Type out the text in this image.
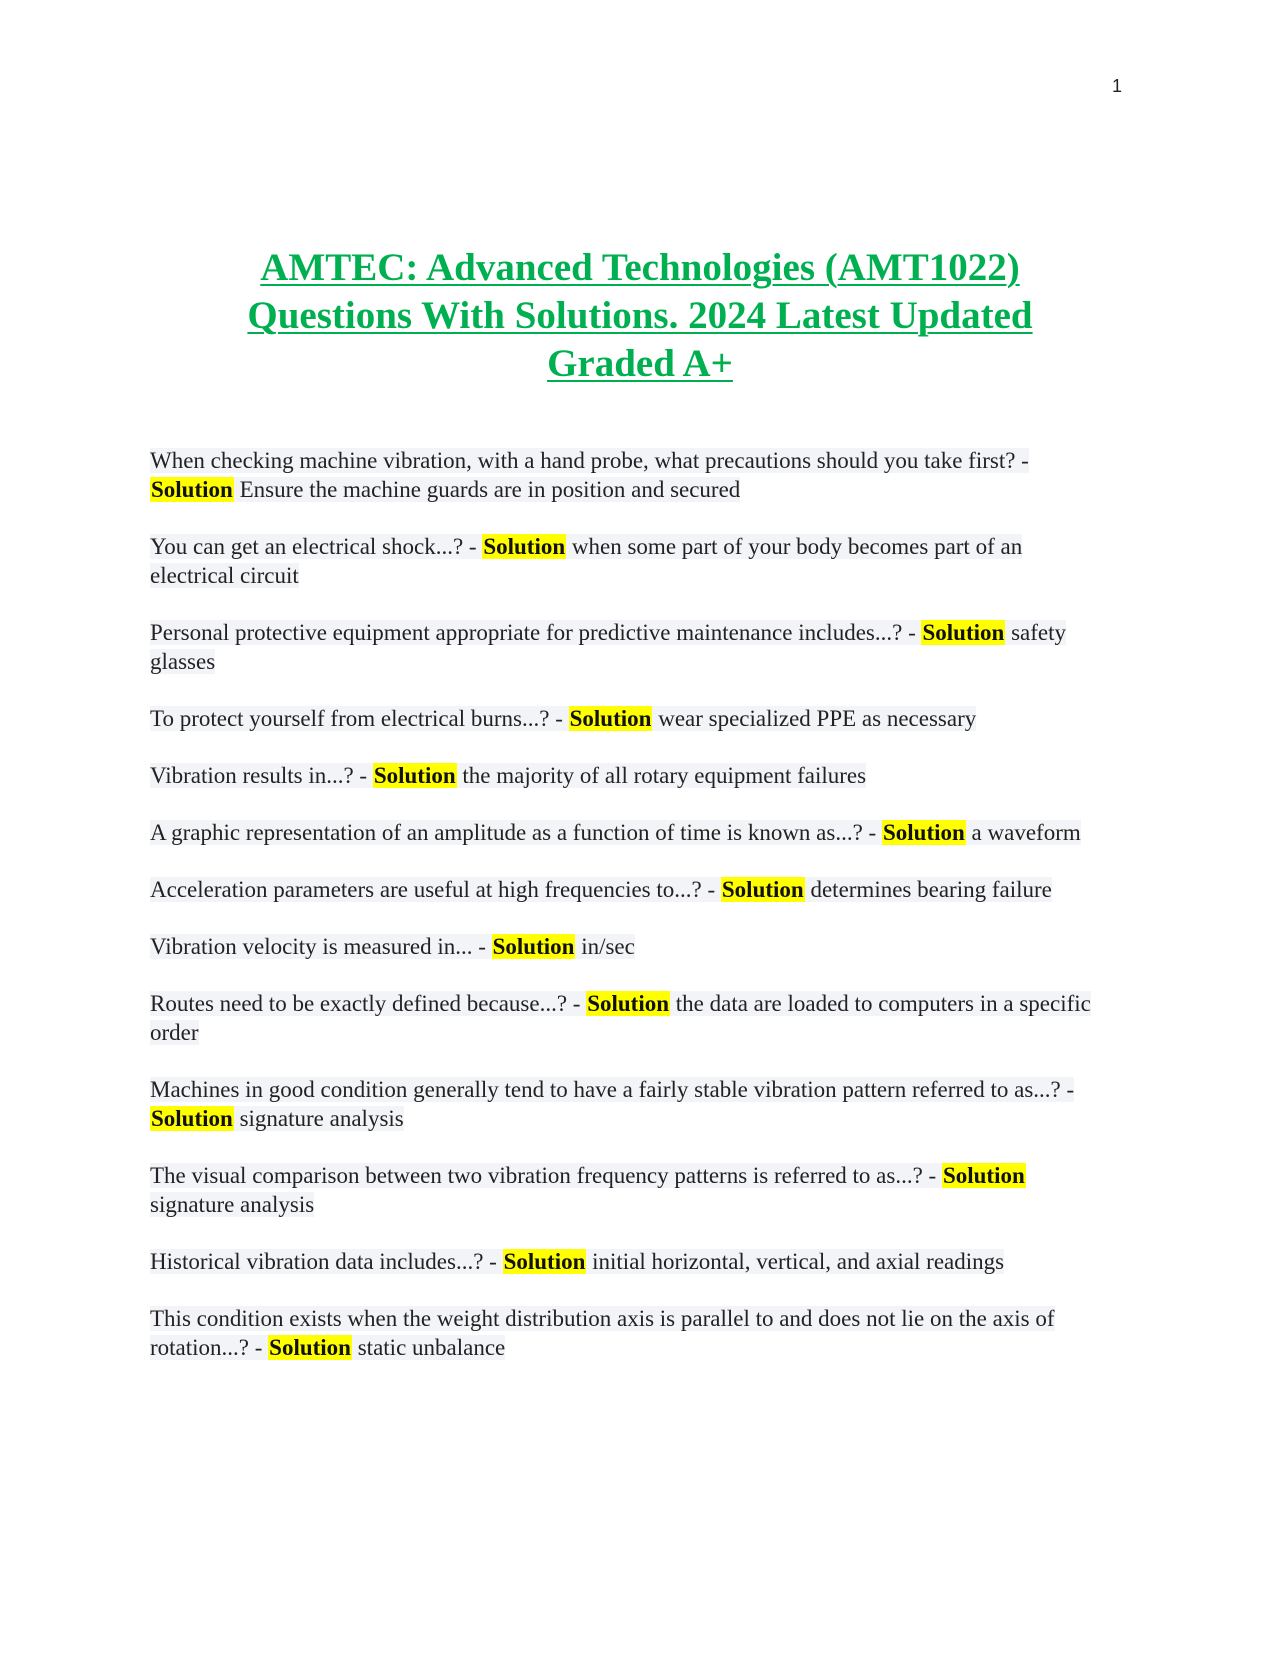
1
AMTEC: Advanced Technologies (AMT1022)
Questions With Solutions. 2024 Latest Updated
Graded A+
When checking machine vibration, with a hand probe, what precautions should you take first? - Solution Ensure the machine guards are in position and secured
You can get an electrical shock...? - Solution when some part of your body becomes part of an electrical circuit
Personal protective equipment appropriate for predictive maintenance includes...? - Solution safety glasses
To protect yourself from electrical burns...? - Solution wear specialized PPE as necessary
Vibration results in...? - Solution the majority of all rotary equipment failures
A graphic representation of an amplitude as a function of time is known as...? - Solution a waveform
Acceleration parameters are useful at high frequencies to...? - Solution determines bearing failure
Vibration velocity is measured in... - Solution in/sec
Routes need to be exactly defined because...? - Solution the data are loaded to computers in a specific order
Machines in good condition generally tend to have a fairly stable vibration pattern referred to as...? - Solution signature analysis
The visual comparison between two vibration frequency patterns is referred to as...? - Solution signature analysis
Historical vibration data includes...? - Solution initial horizontal, vertical, and axial readings
This condition exists when the weight distribution axis is parallel to and does not lie on the axis of rotation...? - Solution static unbalance
